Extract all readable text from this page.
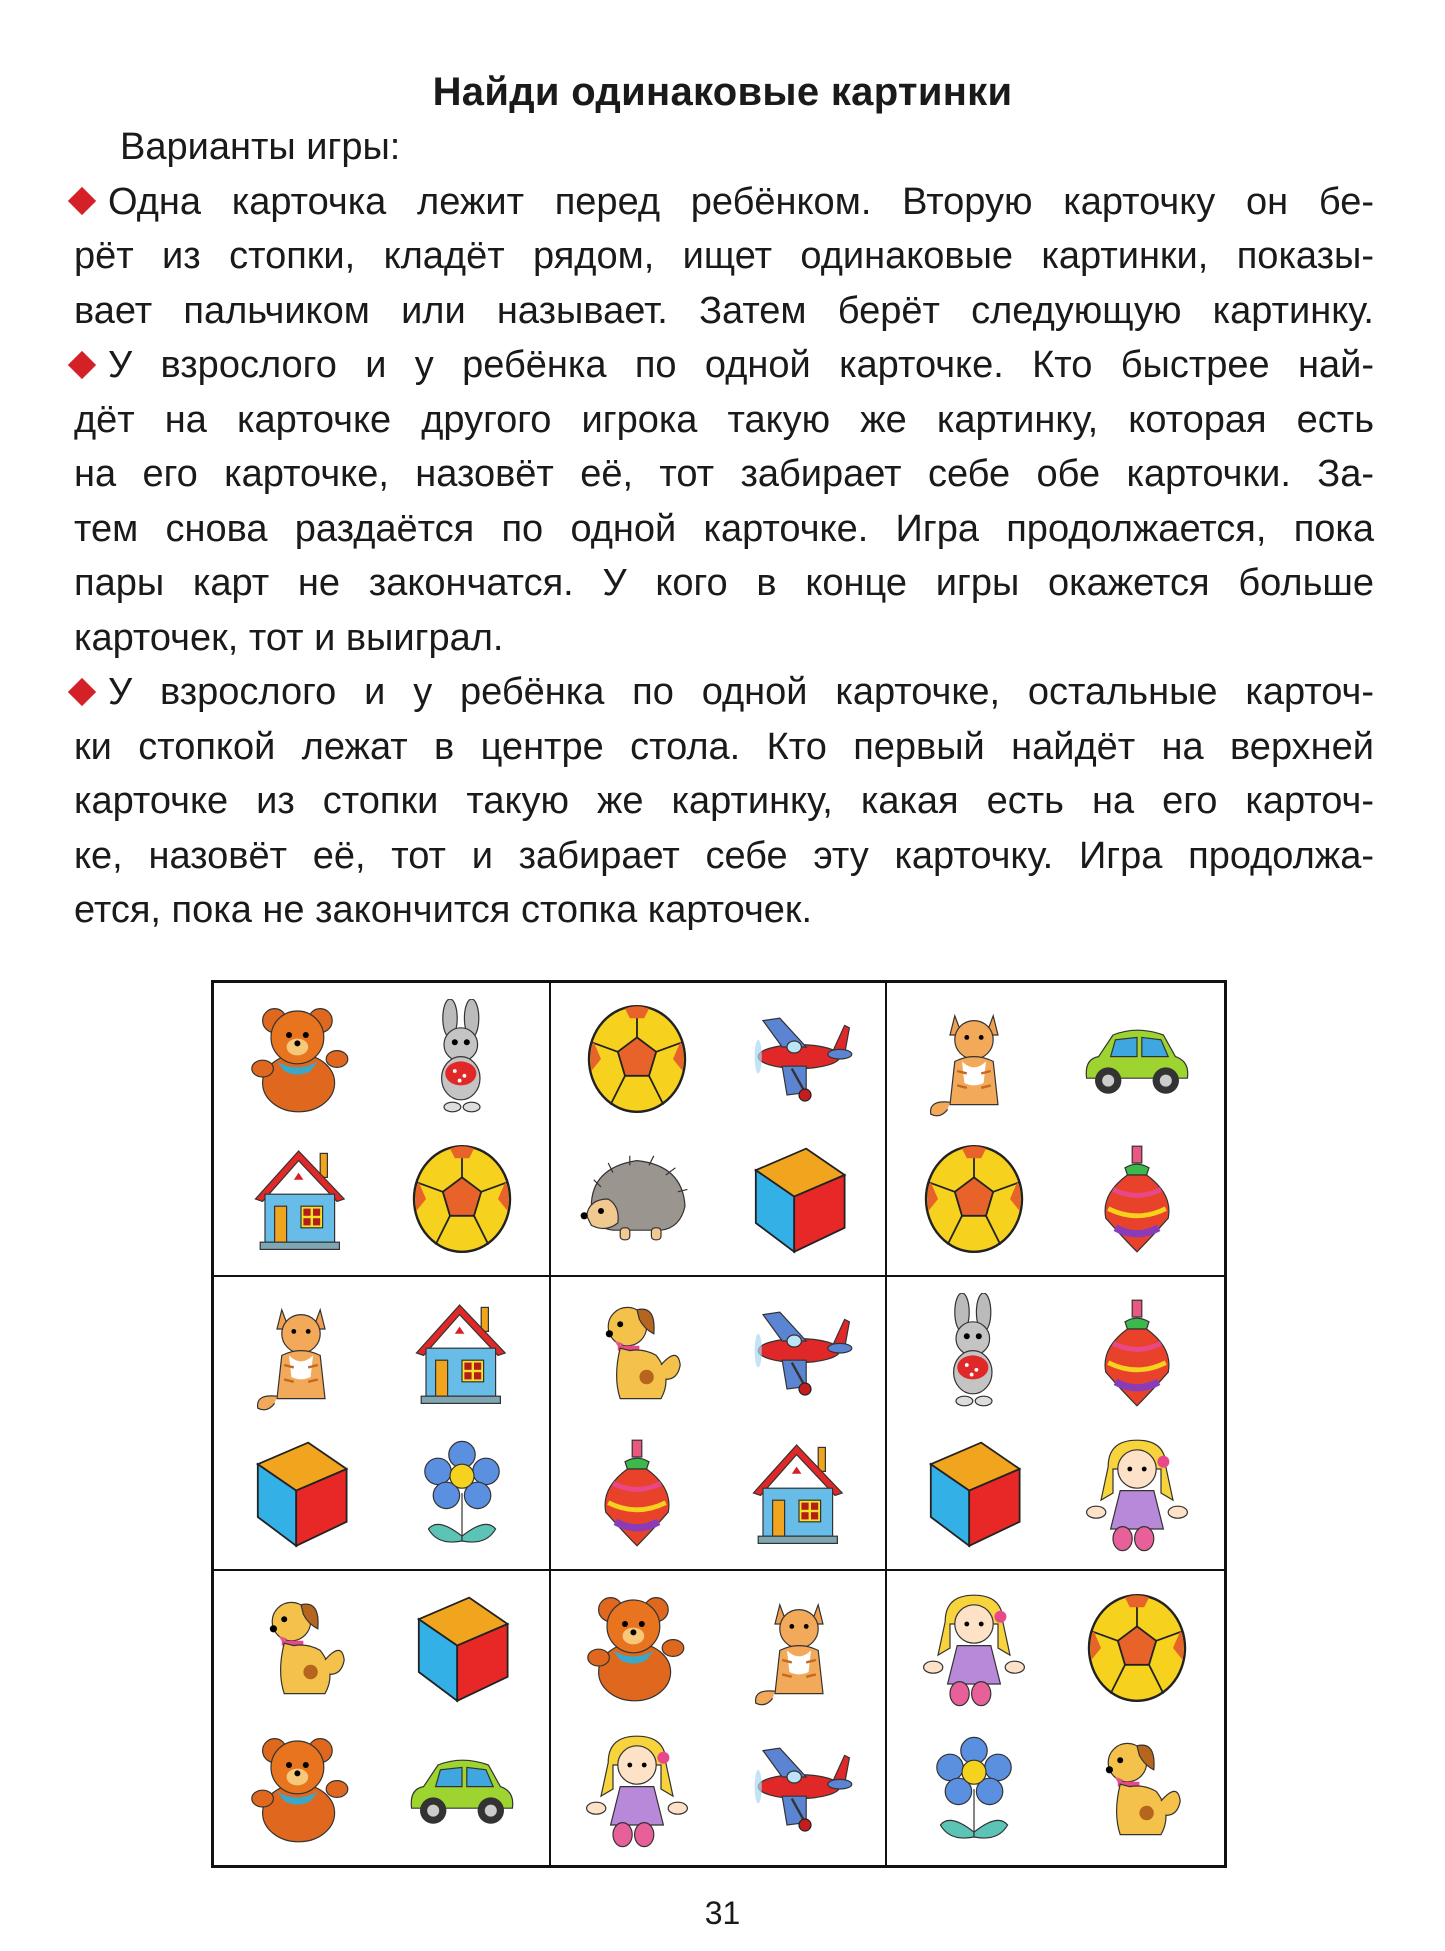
Найди одинаковые картинки
Варианты игры:
Одна карточка лежит перед ребёнком. Вторую карточку он бе-
рёт из стопки, кладёт рядом, ищет одинаковые картинки, показы-
вает пальчиком или называет. Затем берёт следующую картинку.
У взрослого и у ребёнка по одной карточке. Кто быстрее най-
дёт на карточке другого игрока такую же картинку, которая есть
на его карточке, назовёт её, тот забирает себе обе карточки. За-
тем снова раздаётся по одной карточке. Игра продолжается, пока
пары карт не закончатся. У кого в конце игры окажется больше
карточек, тот и выиграл.
У взрослого и у ребёнка по одной карточке, остальные карточ-
ки стопкой лежат в центре стола. Кто первый найдёт на верхней
карточке из стопки такую же картинку, какая есть на его карточ-
ке, назовёт её, тот и забирает себе эту карточку. Игра продолжа-
ется, пока не закончится стопка карточек.
31
